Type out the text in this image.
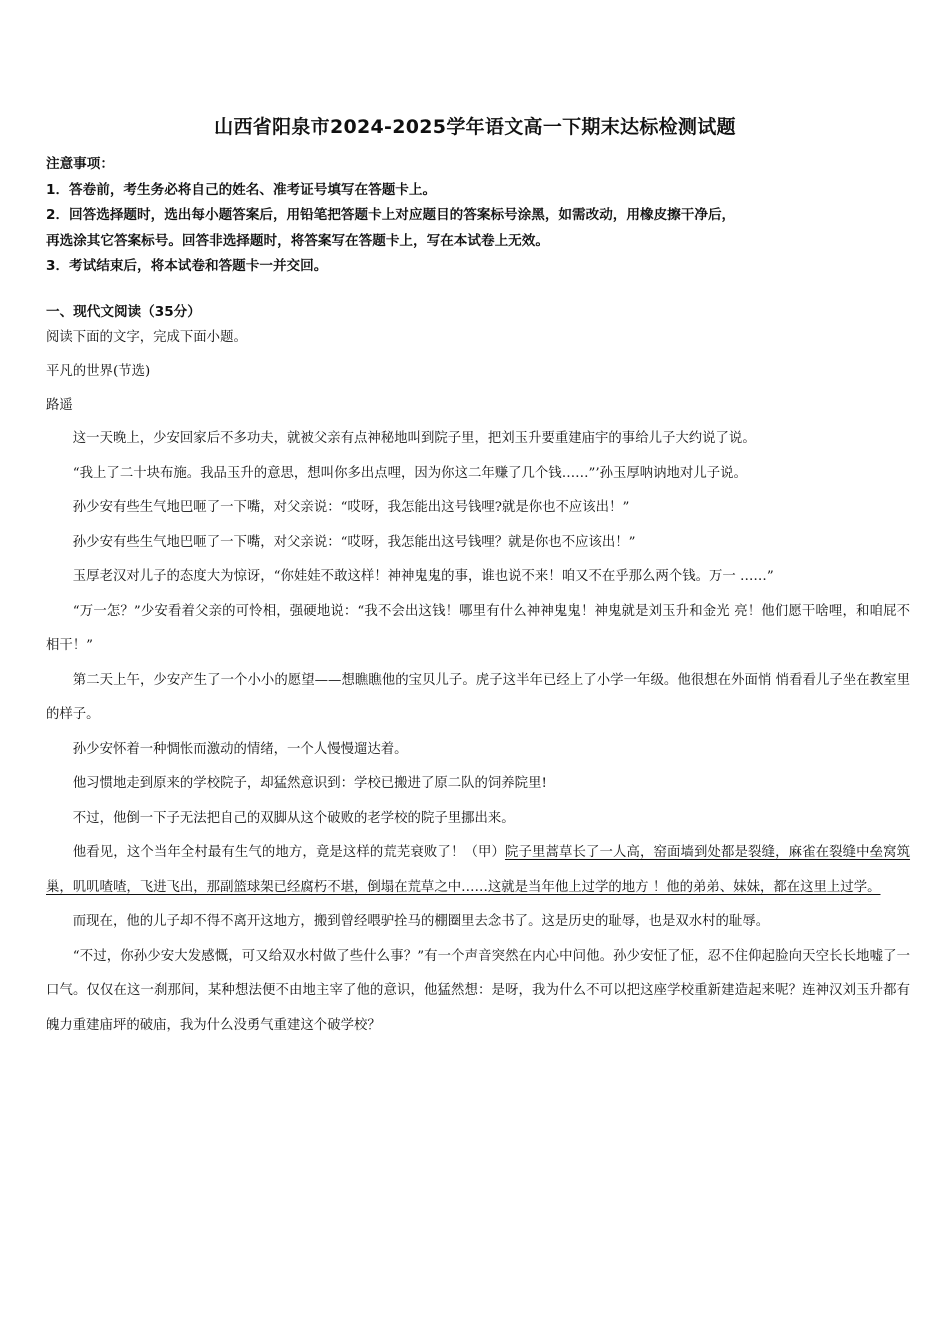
山西省阳泉市2024-2025学年语文高一下期末达标检测试题
注意事项：
1．答卷前，考生务必将自己的姓名、准考证号填写在答题卡上。
2．回答选择题时，选出每小题答案后，用铅笔把答题卡上对应题目的答案标号涂黑，如需改动，用橡皮擦干净后，
再选涂其它答案标号。回答非选择题时，将答案写在答题卡上，写在本试卷上无效。
3．考试结束后，将本试卷和答题卡一并交回。
一、现代文阅读（35分）
阅读下面的文字，完成下面小题。
平凡的世界(节选)
路遥
这一天晚上，少安回家后不多功夫，就被父亲有点神秘地叫到院子里，把刘玉升要重建庙宇的事给儿子大约说了说。
“我上了二十块布施。我品玉升的意思，想叫你多出点哩，因为你这二年赚了几个钱……”’孙玉厚呐讷地对儿子说。
孙少安有些生气地巴咂了一下嘴，对父亲说：“哎呀，我怎能出这号钱哩?就是你也不应该出！”
孙少安有些生气地巴咂了一下嘴，对父亲说：“哎呀，我怎能出这号钱哩？就是你也不应该出！”
玉厚老汉对儿子的态度大为惊讶，“你娃娃不敢这样！神神鬼鬼的事，谁也说不来！咱又不在乎那么两个钱。万一 ……”
“万一怎？”少安看着父亲的可怜相，强硬地说：“我不会出这钱！哪里有什么神神鬼鬼！神鬼就是刘玉升和金光 亮！他们愿干啥哩，和咱屁不相干！”
第二天上午，少安产生了一个小小的愿望——想瞧瞧他的宝贝儿子。虎子这半年已经上了小学一年级。他很想在外面悄 悄看看儿子坐在教室里的样子。
孙少安怀着一种惆怅而激动的情绪，一个人慢慢遛达着。
他习惯地走到原来的学校院子，却猛然意识到：学校已搬进了原二队的饲养院里!
不过，他倒一下子无法把自己的双脚从这个破败的老学校的院子里挪出来。
他看见，这个当年全村最有生气的地方，竟是这样的荒芜衰败了！（甲）院子里蒿草长了一人高，窑面墙到处都是裂缝，麻雀在裂缝中垒窝筑巢，叽叽喳喳，飞进飞出，那副篮球架已经腐朽不堪，倒塌在荒草之中……这就是当年他上过学的地方 ！他的弟弟、妹妹，都在这里上过学。
而现在，他的儿子却不得不离开这地方，搬到曾经喂驴拴马的棚圈里去念书了。这是历史的耻辱，也是双水村的耻辱。
“不过，你孙少安大发感慨，可又给双水村做了些什么事？”有一个声音突然在内心中问他。孙少安怔了怔，忍不住仰起脸向天空长长地嘘了一口气。仅仅在这一刹那间，某种想法便不由地主宰了他的意识，他猛然想：是呀，我为什么不可以把这座学校重新建造起来呢？连神汉刘玉升都有魄力重建庙坪的破庙，我为什么没勇气重建这个破学校？
